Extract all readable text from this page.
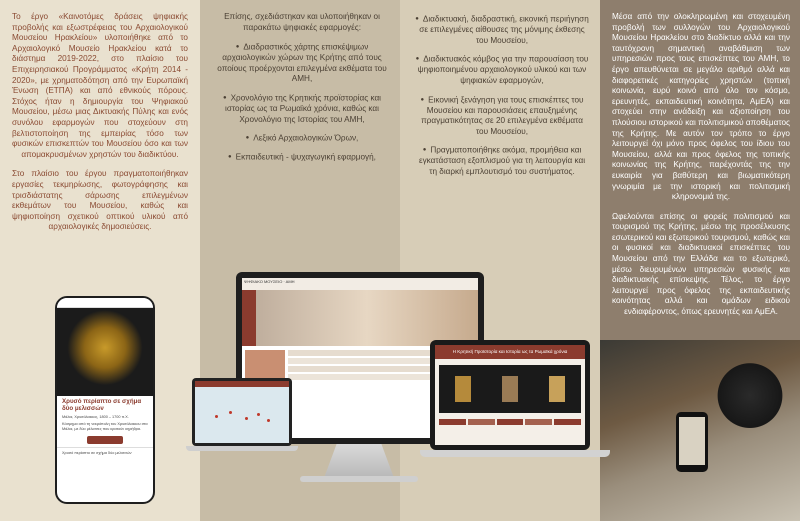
Το έργο «Καινοτόμες δράσεις ψηφιακής προβολής και εξωστρέφειας του Αρχαιολογικού Μουσείου Ηρακλείου» υλοποιήθηκε από το Αρχαιολογικό Μουσείο Ηρακλείου κατά το διάστημα 2019-2022, στο πλαίσιο του Επιχειρησιακού Προγράμματος «Κρήτη 2014 - 2020», με χρηματοδότηση από την Ευρωπαϊκή Ένωση (ΕΤΠΑ) και από εθνικούς πόρους. Στόχος ήταν η δημιουργία του Ψηφιακού Μουσείου, μέσω μιας Δικτυακής Πύλης και ενός συνόλου εφαρμογών που στοχεύουν στη βελτιστοποίηση της εμπειρίας τόσο των φυσικών επισκεπτών του Μουσείου όσο και των απομακρυσμένων χρηστών του διαδικτύου.

Στο πλαίσιο του έργου πραγματοποιήθηκαν εργασίες τεκμηρίωσης, φωτογράφησης και τρισδιάστατης σάρωσης επιλεγμένων εκθεμάτων του Μουσείου, καθώς και ψηφιοποίηση σχετικού οπτικού υλικού από αρχαιολογικές δημοσιεύσεις.

Επίσης, σχεδιάστηκαν και υλοποιήθηκαν οι παρακάτω ψηφιακές εφαρμογές:

● Διαδραστικός χάρτης επισκέψιμων αρχαιολογικών χώρων της Κρήτης από τους οποίους προέρχονται επιλεγμένα εκθέματα του ΑΜΗ,
● Χρονολόγιο της Κρητικής προϊστορίας και ιστορίας ως τα Ρωμαϊκά χρόνια, καθώς και Χρονολόγιο της Ιστορίας του ΑΜΗ,
● Λεξικό Αρχαιολογικών Όρων,
● Εκπαιδευτική - ψυχαγωγική εφαρμογή,
● Διαδικτυακή, διαδραστική, εικονική περιήγηση σε επιλεγμένες αίθουσες της μόνιμης έκθεσης του Μουσείου,
● Διαδικτυακός κόμβος για την παρουσίαση του ψηφιοποιημένου αρχαιολογικού υλικού και των ψηφιακών εφαρμογών,
● Εικονική ξενάγηση για τους επισκέπτες του Μουσείου και παρουσιάσεις επαυξημένης πραγματικότητας σε 20 επιλεγμένα εκθέματα του Μουσείου,
● Πραγματοποιήθηκε ακόμα, προμήθεια και εγκατάσταση εξοπλισμού για τη λειτουργία και τη διαρκή εμπλουτισμό του συστήματος.

Μέσα από την ολοκληρωμένη και στοχευμένη προβολή των συλλογών του Αρχαιολογικού Μουσείου Ηρακλείου στο διαδίκτυο αλλά και την ταυτόχρονη σημαντική αναβάθμιση των υπηρεσιών προς τους επισκέπτες του ΑΜΗ, το έργο απευθύνεται σε μεγάλο αριθμό αλλά και διαφορετικές κατηγορίες χρηστών (τοπική κοινωνία, ευρύ κοινό από όλο τον κόσμο, ερευνητές, εκπαιδευτική κοινότητα, ΑμΕΑ) και στοχεύει στην ανάδειξη και αξιοποίηση του πλούσιου ιστορικού και πολιτισμικού αποθέματος της Κρήτης. Με αυτόν τον τρόπο το έργο λειτουργεί όχι μόνο προς όφελος του ίδιου του Μουσείου, αλλά και προς όφελος της τοπικής κοινωνίας της Κρήτης, παρέχοντάς της την ευκαιρία για βαθύτερη και βιωματικότερη γνωριμία με την ιστορική και πολιτισμική κληρονομιά της.

Ωφελούνται επίσης οι φορείς πολιτισμού και τουρισμού της Κρήτης, μέσω της προσέλκυσης εσωτερικού και εξωτερικού τουρισμού, καθώς και οι φυσικοί και διαδικτυακοί επισκέπτες του Μουσείου από την Ελλάδα και το εξωτερικό, μέσω διευρυμένων υπηρεσιών φυσικής και διαδικτυακής επίσκεψης. Τέλος, το έργο λειτουργεί προς όφελος της εκπαιδευτικής κοινότητας αλλά και ομάδων ειδικού ενδιαφέροντος, όπως ερευνητές και ΑμΕΑ.

ΨΗΦΙΑΚΟ ΜΟΥΣΕΙΟ · ΑΜΗ
Η Κρητική Προϊστορία και Ιστορία ως τα Ρωμαϊκά χρόνια
Χρυσό περίαπτο σε σχήμα δύο μελισσών
Μάλια, Χρυσόλακκος, 1800 – 1700 π.Χ.
Κόσμημα από τη νεκρόπολη του Χρυσόλακκου στα Μάλια, με δύο μέλισσες που κρατούν κηρήθρα.
Χρυσό περίαπτο σε σχήμα δύο μελισσών
